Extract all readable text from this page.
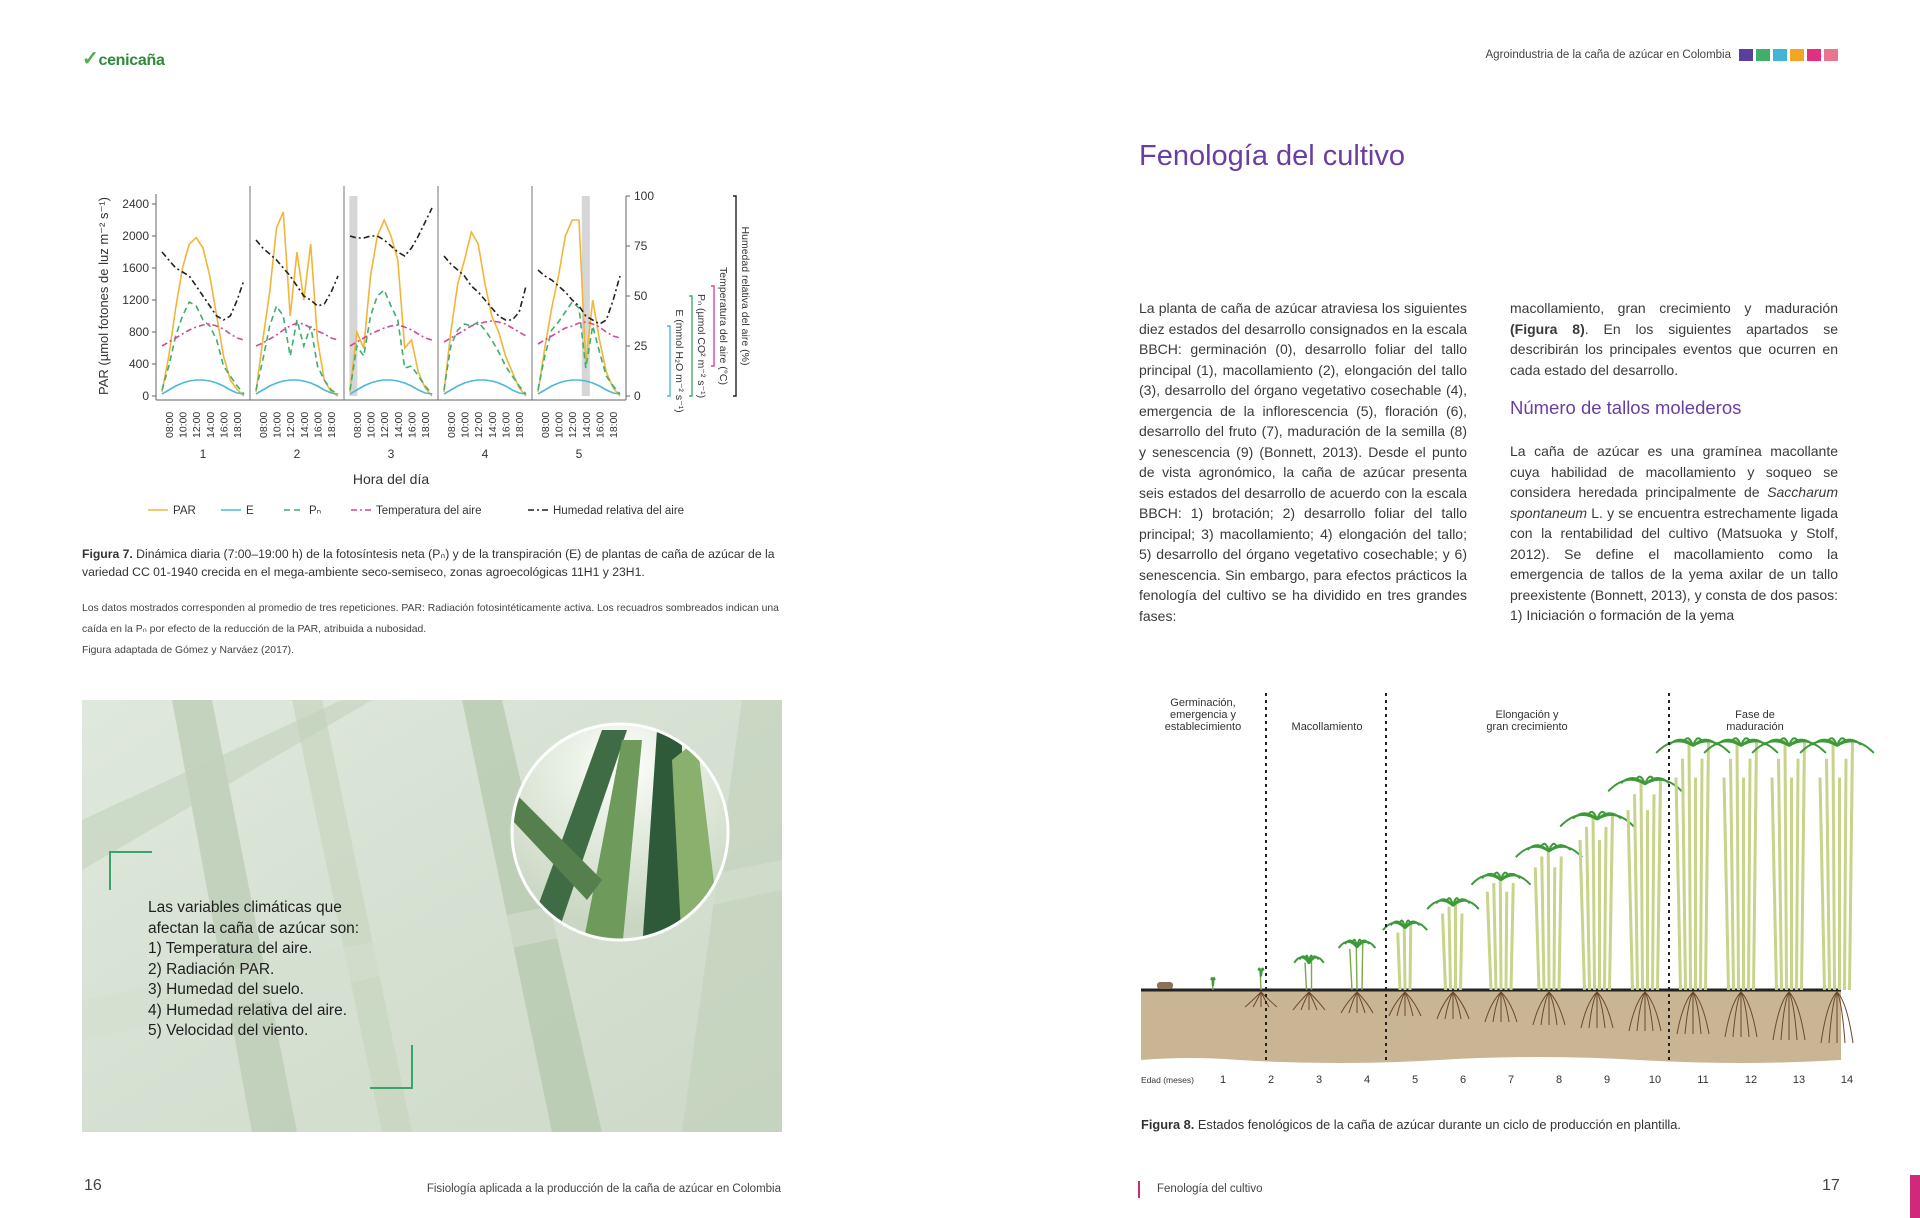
✓cenicaña	Agroindustria de la caña de azúcar en Colombia
0
400
800
1200
1600
2000
2400
PAR (µmol fotones de luz m⁻² s⁻¹)
0
25
50
75
100
08:00 10:00 12:00 14:00 16:00 18:00
1
08:00 10:00 12:00 14:00 16:00 18:00
2
08:00 10:00 12:00 14:00 16:00 18:00
3
08:00 10:00 12:00 14:00 16:00 18:00
4
08:00 10:00 12:00 14:00 16:00 18:00
5
Hora del día
E (mmol H₂O m⁻² s⁻¹) Pₙ (µmol CO² m⁻² s⁻¹) Temperatura del aire (°C) Humedad relativa del aire (%)
PAR	E	Pₙ	Temperatura del aire	Humedad relativa del aire
Figura 7. Dinámica diaria (7:00–19:00 h) de la fotosíntesis neta (Pₙ) y de la transpiración (E) de plantas de caña de azúcar de la variedad CC 01-1940 crecida en el mega-ambiente seco-semiseco, zonas agroecológicas 11H1 y 23H1.
Los datos mostrados corresponden al promedio de tres repeticiones. PAR: Radiación fotosintéticamente activa. Los recuadros sombreados indican una caída en la Pₙ por efecto de la reducción de la PAR, atribuida a nubosidad.
Figura adaptada de Gómez y Narváez (2017).
Las variables climáticas que
afectan la caña de azúcar son:
1) Temperatura del aire.
2) Radiación PAR.
3) Humedad del suelo.
4) Humedad relativa del aire.
5) Velocidad del viento.
Fenología del cultivo
La planta de caña de azúcar atraviesa los siguientes diez estados del desarrollo consignados en la escala BBCH: germinación (0), desarrollo foliar del tallo principal (1), macollamiento (2), elongación del tallo (3), desarrollo del órgano vegetativo cosechable (4), emergencia de la inflorescencia (5), floración (6), desarrollo del fruto (7), maduración de la semilla (8) y senescencia (9) (Bonnett, 2013). Desde el punto de vista agronómico, la caña de azúcar presenta seis estados del desarrollo de acuerdo con la escala BBCH: 1) brotación; 2) desarrollo foliar del tallo principal; 3) macollamiento; 4) elongación del tallo; 5) desarrollo del órgano vegetativo cosechable; y 6) senescencia. Sin embargo, para efectos prácticos la fenología del cultivo se ha dividido en tres grandes fases:
macollamiento, gran crecimiento y maduración (Figura 8). En los siguientes apartados se describirán los principales eventos que ocurren en cada estado del desarrollo.
Número de tallos molederos
La caña de azúcar es una gramínea macollante cuya habilidad de macollamiento y soqueo se considera heredada principalmente de Saccharum spontaneum L. y se encuentra estrechamente ligada con la rentabilidad del cultivo (Matsuoka y Stolf, 2012). Se define el macollamiento como la emergencia de tallos de la yema axilar de un tallo preexistente (Bonnett, 2013), y consta de dos pasos: 1) Iniciación o formación de la yema
Germinación,
emergencia y
establecimiento	Macollamiento
Elongación y
gran crecimiento
Fase de
maduración
Edad (meses) 1	2	3	4	5	6	7	8	9	10	11	12	13	14
Figura 8. Estados fenológicos de la caña de azúcar durante un ciclo de producción en plantilla.
16	Fisiología aplicada a la producción de la caña de azúcar en Colombia	Fenología del cultivo	17
